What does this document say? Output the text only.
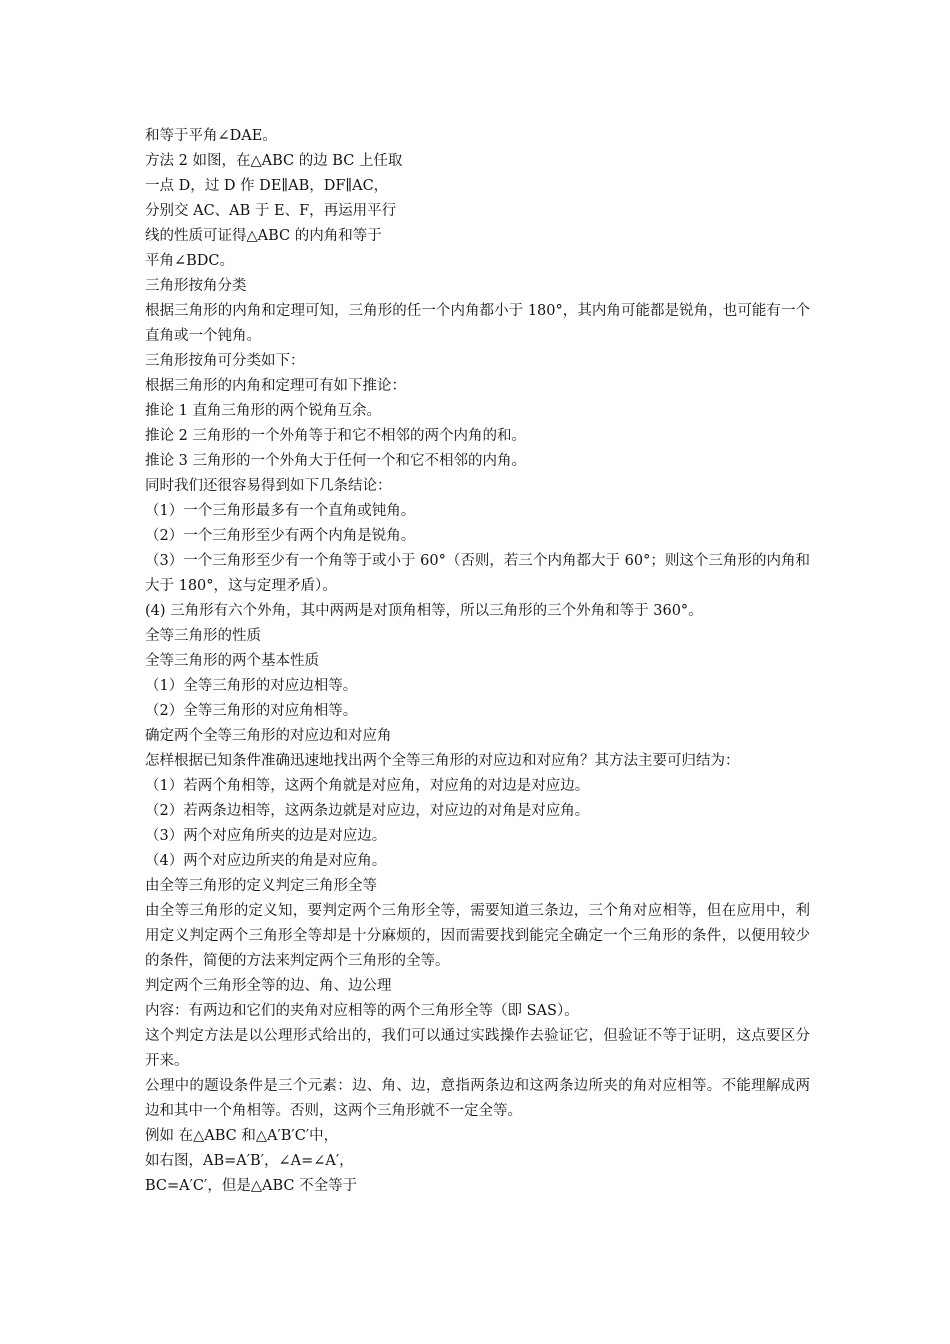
和等于平角∠DAE。
方法 2 如图，在△ABC 的边 BC 上任取
一点 D，过 D 作 DE∥AB，DF∥AC，
分别交 AC、AB 于 E、F，再运用平行
线的性质可证得△ABC 的内角和等于
平角∠BDC。
三角形按角分类
根据三角形的内角和定理可知，三角形的任一个内角都小于 180°，其内角可能都是锐角，也可能有一个直角或一个钝角。
三角形按角可分类如下：
根据三角形的内角和定理可有如下推论：
推论 1 直角三角形的两个锐角互余。
推论 2 三角形的一个外角等于和它不相邻的两个内角的和。
推论 3 三角形的一个外角大于任何一个和它不相邻的内角。
同时我们还很容易得到如下几条结论：
（1）一个三角形最多有一个直角或钝角。
（2）一个三角形至少有两个内角是锐角。
（3）一个三角形至少有一个角等于或小于 60°（否则，若三个内角都大于 60°；则这个三角形的内角和大于 180°，这与定理矛盾）。
(4) 三角形有六个外角，其中两两是对顶角相等，所以三角形的三个外角和等于 360°。
全等三角形的性质
全等三角形的两个基本性质
（1）全等三角形的对应边相等。
（2）全等三角形的对应角相等。
确定两个全等三角形的对应边和对应角
怎样根据已知条件准确迅速地找出两个全等三角形的对应边和对应角？其方法主要可归结为：
（1）若两个角相等，这两个角就是对应角，对应角的对边是对应边。
（2）若两条边相等，这两条边就是对应边，对应边的对角是对应角。
（3）两个对应角所夹的边是对应边。
（4）两个对应边所夹的角是对应角。
由全等三角形的定义判定三角形全等
由全等三角形的定义知，要判定两个三角形全等，需要知道三条边，三个角对应相等，但在应用中，利用定义判定两个三角形全等却是十分麻烦的，因而需要找到能完全确定一个三角形的条件，以便用较少的条件，简便的方法来判定两个三角形的全等。
判定两个三角形全等的边、角、边公理
内容：有两边和它们的夹角对应相等的两个三角形全等（即 SAS）。
这个判定方法是以公理形式给出的，我们可以通过实践操作去验证它，但验证不等于证明，这点要区分开来。
公理中的题设条件是三个元素：边、角、边，意指两条边和这两条边所夹的角对应相等。不能理解成两边和其中一个角相等。否则，这两个三角形就不一定全等。
例如 在△ABC 和△A′B′C′中，
如右图，AB=A′B′，∠A=∠A′，
BC=A′C′，但是△ABC 不全等于
